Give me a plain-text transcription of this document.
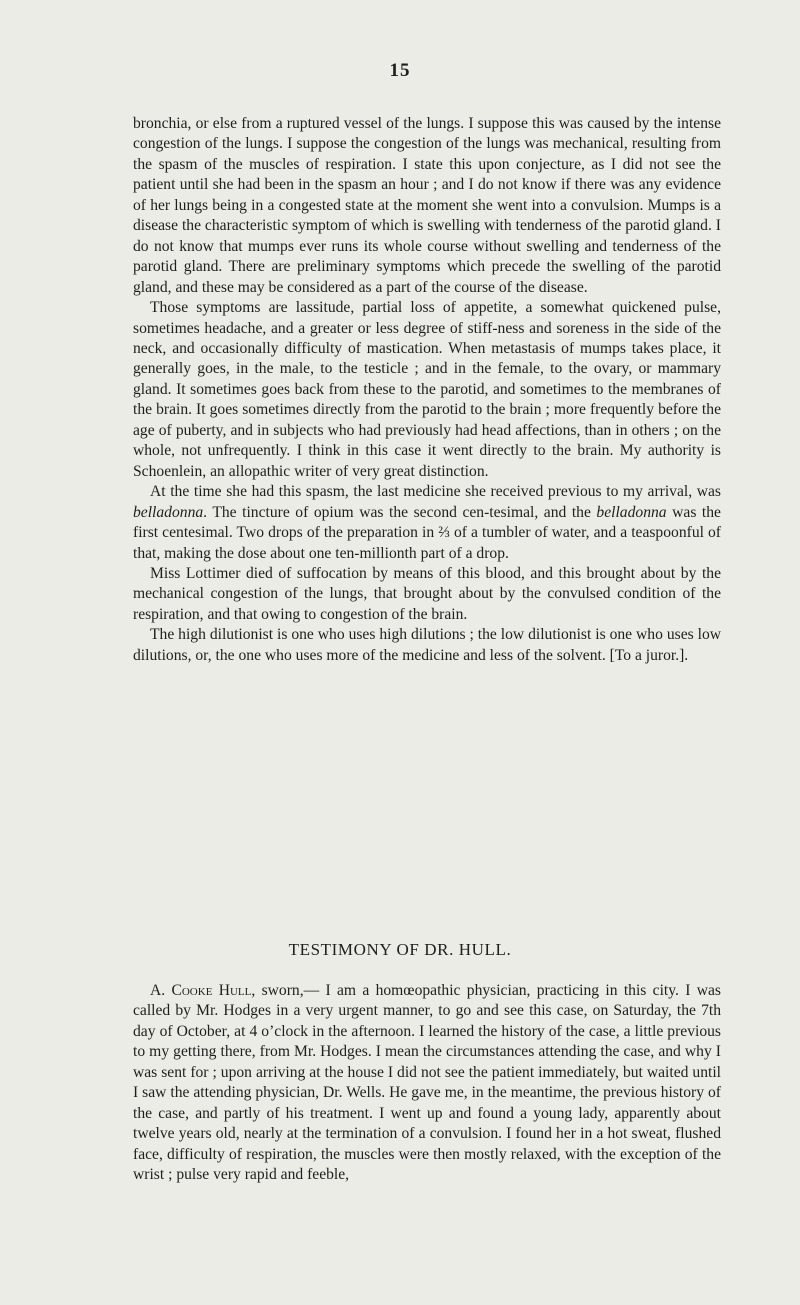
15

bronchia, or else from a ruptured vessel of the lungs. I suppose this was caused by the intense congestion of the lungs. I suppose the congestion of the lungs was mechanical, resulting from the spasm of the muscles of respiration. I state this upon conjecture, as I did not see the patient until she had been in the spasm an hour ; and I do not know if there was any evidence of her lungs being in a congested state at the moment she went into a convulsion. Mumps is a disease the characteristic symptom of which is swelling with tenderness of the parotid gland. I do not know that mumps ever runs its whole course without swelling and tenderness of the parotid gland. There are preliminary symptoms which precede the swelling of the parotid gland, and these may be considered as a part of the course of the disease.

Those symptoms are lassitude, partial loss of appetite, a somewhat quickened pulse, sometimes headache, and a greater or less degree of stiff-ness and soreness in the side of the neck, and occasionally difficulty of mastication. When metastasis of mumps takes place, it generally goes, in the male, to the testicle ; and in the female, to the ovary, or mammary gland. It sometimes goes back from these to the parotid, and sometimes to the membranes of the brain. It goes sometimes directly from the parotid to the brain ; more frequently before the age of puberty, and in subjects who had previously had head affections, than in others ; on the whole, not unfrequently. I think in this case it went directly to the brain. My authority is Schoenlein, an allopathic writer of very great distinction.

At the time she had this spasm, the last medicine she received previous to my arrival, was belladonna. The tincture of opium was the second cen-tesimal, and the belladonna was the first centesimal. Two drops of the preparation in ⅔ of a tumbler of water, and a teaspoonful of that, making the dose about one ten-millionth part of a drop.

Miss Lottimer died of suffocation by means of this blood, and this brought about by the mechanical congestion of the lungs, that brought about by the convulsed condition of the respiration, and that owing to congestion of the brain.

The high dilutionist is one who uses high dilutions ; the low dilutionist is one who uses low dilutions, or, the one who uses more of the medicine and less of the solvent. [To a juror.].

TESTIMONY OF DR. HULL.

A. Cooke Hull, sworn,— I am a homœopathic physician, practicing in this city. I was called by Mr. Hodges in a very urgent manner, to go and see this case, on Saturday, the 7th day of October, at 4 o’clock in the afternoon. I learned the history of the case, a little previous to my getting there, from Mr. Hodges. I mean the circumstances attending the case, and why I was sent for ; upon arriving at the house I did not see the patient immediately, but waited until I saw the attending physician, Dr. Wells. He gave me, in the meantime, the previous history of the case, and partly of his treatment. I went up and found a young lady, apparently about twelve years old, nearly at the termination of a convulsion. I found her in a hot sweat, flushed face, difficulty of respiration, the muscles were then mostly relaxed, with the exception of the wrist ; pulse very rapid and feeble,
